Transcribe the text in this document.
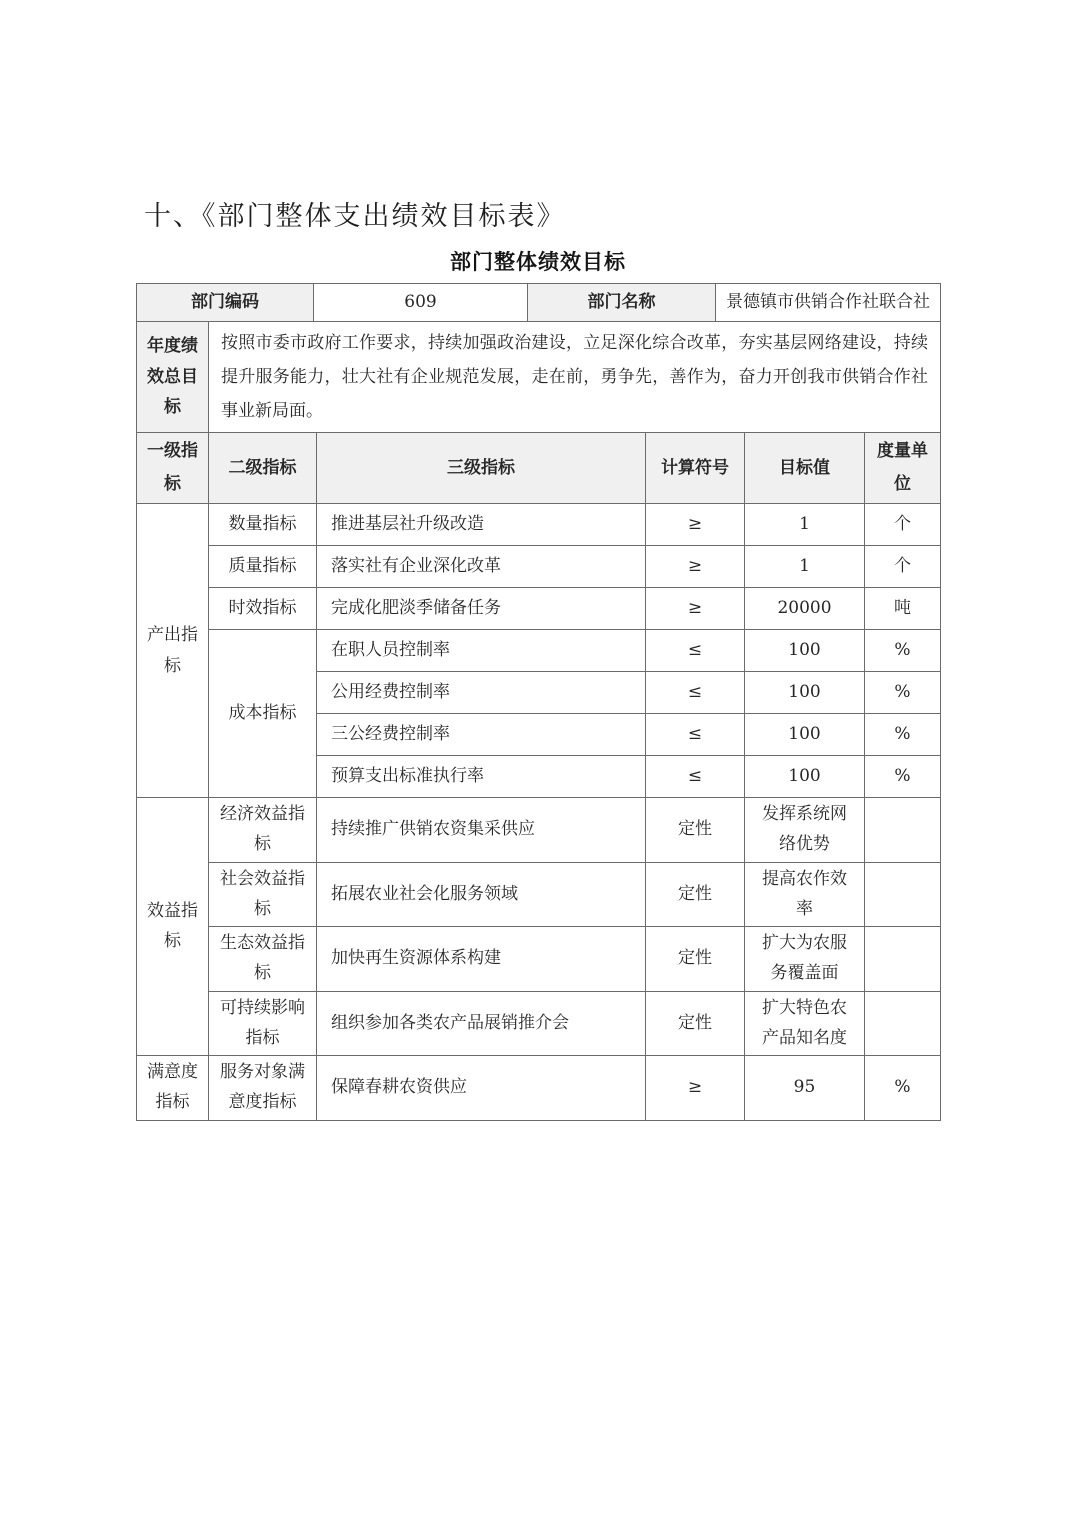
十、《部门整体支出绩效目标表》
部门整体绩效目标
部门编码	609	部门名称	景德镇市供销合作社联合社
年度绩效总目标	按照市委市政府工作要求，持续加强政治建设，立足深化综合改革，夯实基层网络建设，持续提升服务能力，壮大社有企业规范发展，走在前，勇争先，善作为，奋力开创我市供销合作社事业新局面。
一级指标	二级指标	三级指标	计算符号	目标值	度量单位
产出指标	数量指标	推进基层社升级改造	≥	1	个
	质量指标	落实社有企业深化改革	≥	1	个
	时效指标	完成化肥淡季储备任务	≥	20000	吨
	成本指标	在职人员控制率	≤	100	%
		公用经费控制率	≤	100	%
		三公经费控制率	≤	100	%
		预算支出标准执行率	≤	100	%
效益指标	经济效益指标	持续推广供销农资集采供应	定性	发挥系统网络优势	
	社会效益指标	拓展农业社会化服务领域	定性	提高农作效率	
	生态效益指标	加快再生资源体系构建	定性	扩大为农服务覆盖面	
	可持续影响指标	组织参加各类农产品展销推介会	定性	扩大特色农产品知名度	
满意度指标	服务对象满意度指标	保障春耕农资供应	≥	95	%
